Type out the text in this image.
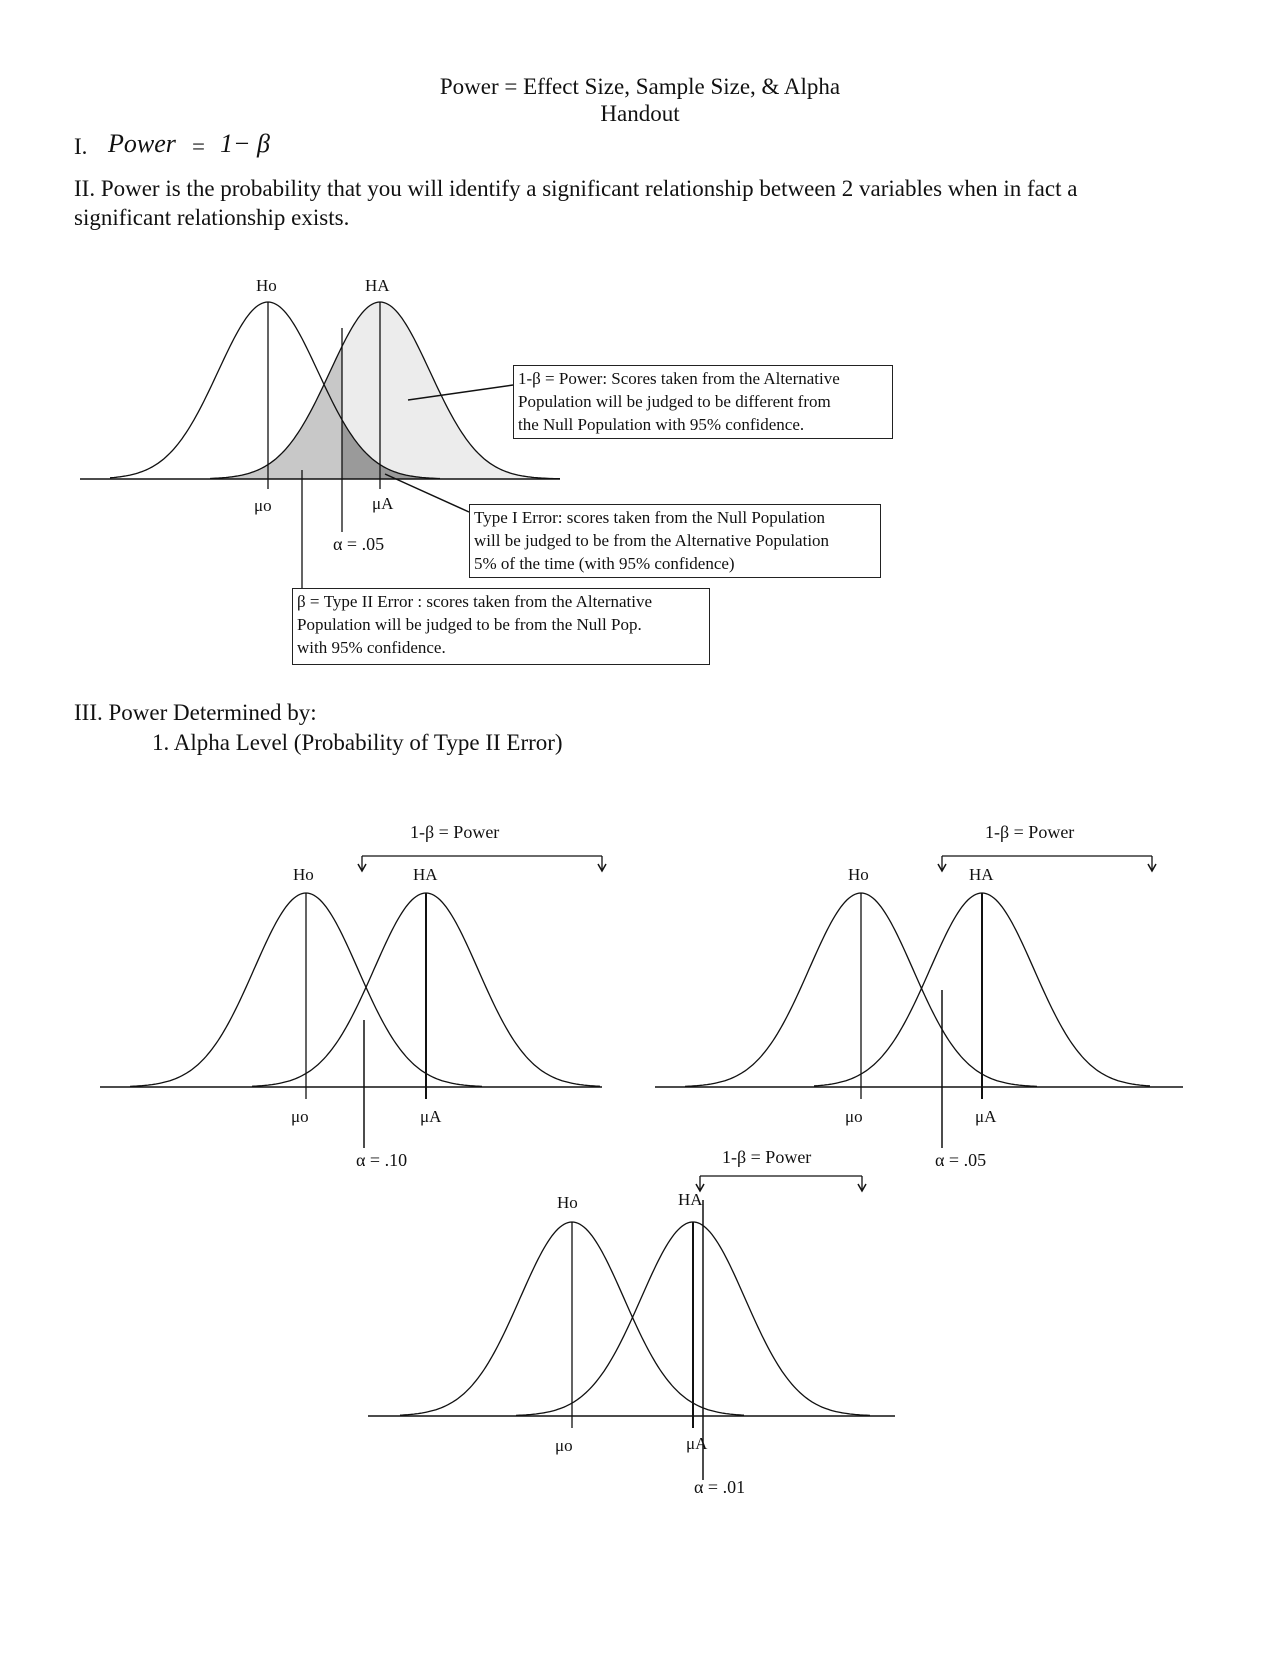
Power = Effect Size, Sample Size, & Alpha
Handout
I. Power = 1− β
II. Power is the probability that you will identify a significant relationship between 2 variables when in fact a
significant relationship exists.
Ho	HA
μo	μA
α = .05
1-β = Power: Scores taken from the Alternative
Population will be judged to be different from
the Null Population with 95% confidence.
Type I Error: scores taken from the Null Population
will be judged to be from the Alternative Population
5% of the time (with 95% confidence)
β = Type II Error : scores taken from the Alternative
Population will be judged to be from the Null Pop.
with 95% confidence.
III. Power Determined by:
1. Alpha Level (Probability of Type II Error)
1-β = Power
Ho	HA
μo	μA
α = .10
1-β = Power
Ho	HA
μo	μA
α = .05
1-β = Power
Ho	HA
μo	μA
α = .01
